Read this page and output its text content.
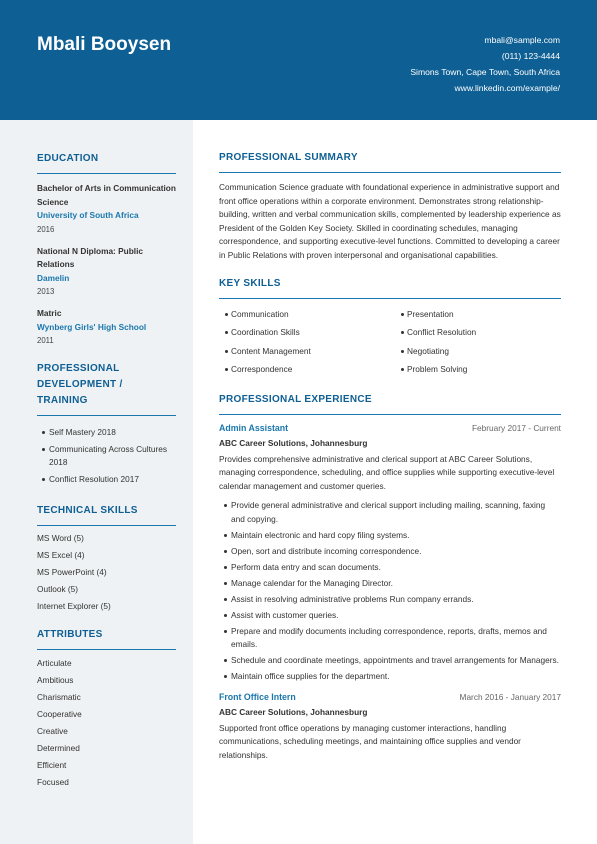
Mbali Booysen	mbali@sample.com
(011) 123-4444
Simons Town, Cape Town, South Africa
www.linkedin.com/example/
EDUCATION
Bachelor of Arts in Communication Science
University of South Africa
2016
National N Diploma: Public Relations
Damelin
2013
Matric
Wynberg Girls' High School
2011
PROFESSIONAL DEVELOPMENT / TRAINING
Self Mastery 2018
Communicating Across Cultures 2018
Conflict Resolution 2017
TECHNICAL SKILLS
MS Word (5)
MS Excel (4)
MS PowerPoint (4)
Outlook (5)
Internet Explorer (5)
ATTRIBUTES
Articulate
Ambitious
Charismatic
Cooperative
Creative
Determined
Efficient
Focused
PROFESSIONAL SUMMARY
Communication Science graduate with foundational experience in administrative support and front office operations within a corporate environment. Demonstrates strong relationship-building, written and verbal communication skills, complemented by leadership experience as President of the Golden Key Society. Skilled in coordinating schedules, managing correspondence, and supporting executive-level functions. Committed to developing a career in Public Relations with proven interpersonal and organisational capabilities.
KEY SKILLS
Communication	Presentation
Coordination Skills	Conflict Resolution
Content Management	Negotiating
Correspondence	Problem Solving
PROFESSIONAL EXPERIENCE
Admin Assistant	February 2017 - Current
ABC Career Solutions, Johannesburg
Provides comprehensive administrative and clerical support at ABC Career Solutions, managing correspondence, scheduling, and office supplies while supporting executive-level calendar management and customer queries.
Provide general administrative and clerical support including mailing, scanning, faxing and copying.
Maintain electronic and hard copy filing systems.
Open, sort and distribute incoming correspondence.
Perform data entry and scan documents.
Manage calendar for the Managing Director.
Assist in resolving administrative problems Run company errands.
Assist with customer queries.
Prepare and modify documents including correspondence, reports, drafts, memos and emails.
Schedule and coordinate meetings, appointments and travel arrangements for Managers.
Maintain office supplies for the department.
Front Office Intern	March 2016 - January 2017
ABC Career Solutions, Johannesburg
Supported front office operations by managing customer interactions, handling communications, scheduling meetings, and maintaining office supplies and vendor relationships.
